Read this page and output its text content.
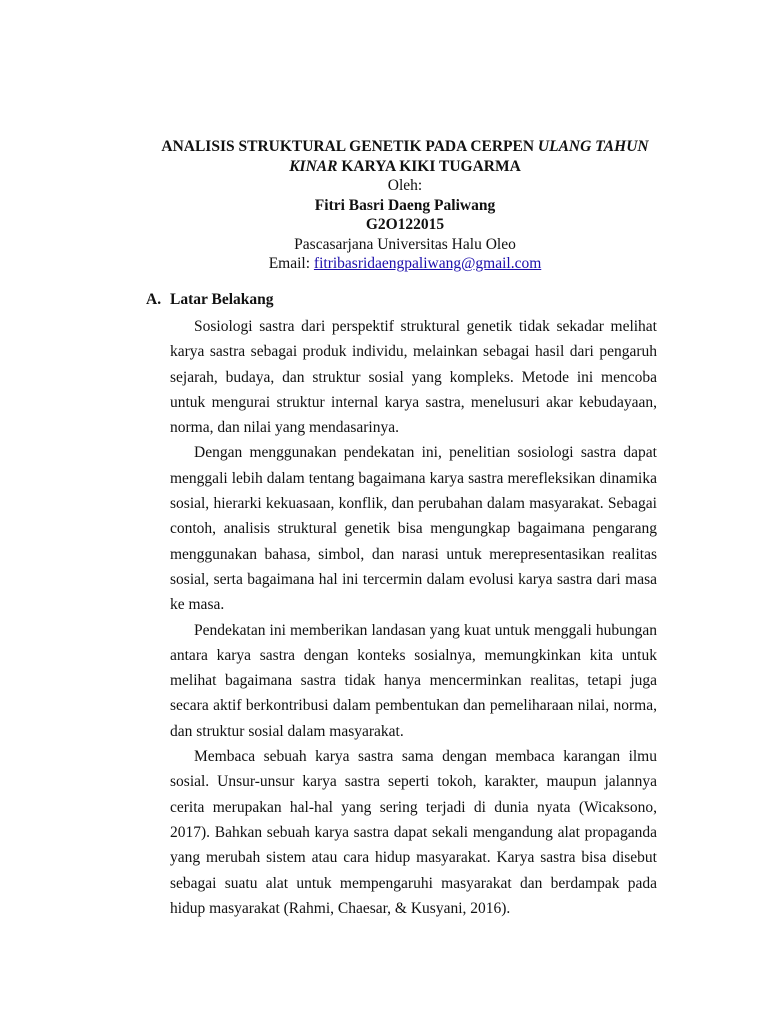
ANALISIS STRUKTURAL GENETIK PADA CERPEN ULANG TAHUN
KINAR KARYA KIKI TUGARMA
Oleh:
Fitri Basri Daeng Paliwang
G2O122015
Pascasarjana Universitas Halu Oleo
Email: fitribasridaengpaliwang@gmail.com
A. Latar Belakang

Sosiologi sastra dari perspektif struktural genetik tidak sekadar melihat karya sastra sebagai produk individu, melainkan sebagai hasil dari pengaruh sejarah, budaya, dan struktur sosial yang kompleks. Metode ini mencoba untuk mengurai struktur internal karya sastra, menelusuri akar kebudayaan, norma, dan nilai yang mendasarinya.

Dengan menggunakan pendekatan ini, penelitian sosiologi sastra dapat menggali lebih dalam tentang bagaimana karya sastra merefleksikan dinamika sosial, hierarki kekuasaan, konflik, dan perubahan dalam masyarakat. Sebagai contoh, analisis struktural genetik bisa mengungkap bagaimana pengarang menggunakan bahasa, simbol, dan narasi untuk merepresentasikan realitas sosial, serta bagaimana hal ini tercermin dalam evolusi karya sastra dari masa ke masa.

Pendekatan ini memberikan landasan yang kuat untuk menggali hubungan antara karya sastra dengan konteks sosialnya, memungkinkan kita untuk melihat bagaimana sastra tidak hanya mencerminkan realitas, tetapi juga secara aktif berkontribusi dalam pembentukan dan pemeliharaan nilai, norma, dan struktur sosial dalam masyarakat.

Membaca sebuah karya sastra sama dengan membaca karangan ilmu sosial. Unsur-unsur karya sastra seperti tokoh, karakter, maupun jalannya cerita merupakan hal-hal yang sering terjadi di dunia nyata (Wicaksono, 2017). Bahkan sebuah karya sastra dapat sekali mengandung alat propaganda yang merubah sistem atau cara hidup masyarakat. Karya sastra bisa disebut sebagai suatu alat untuk mempengaruhi masyarakat dan berdampak pada hidup masyarakat (Rahmi, Chaesar, & Kusyani, 2016).
